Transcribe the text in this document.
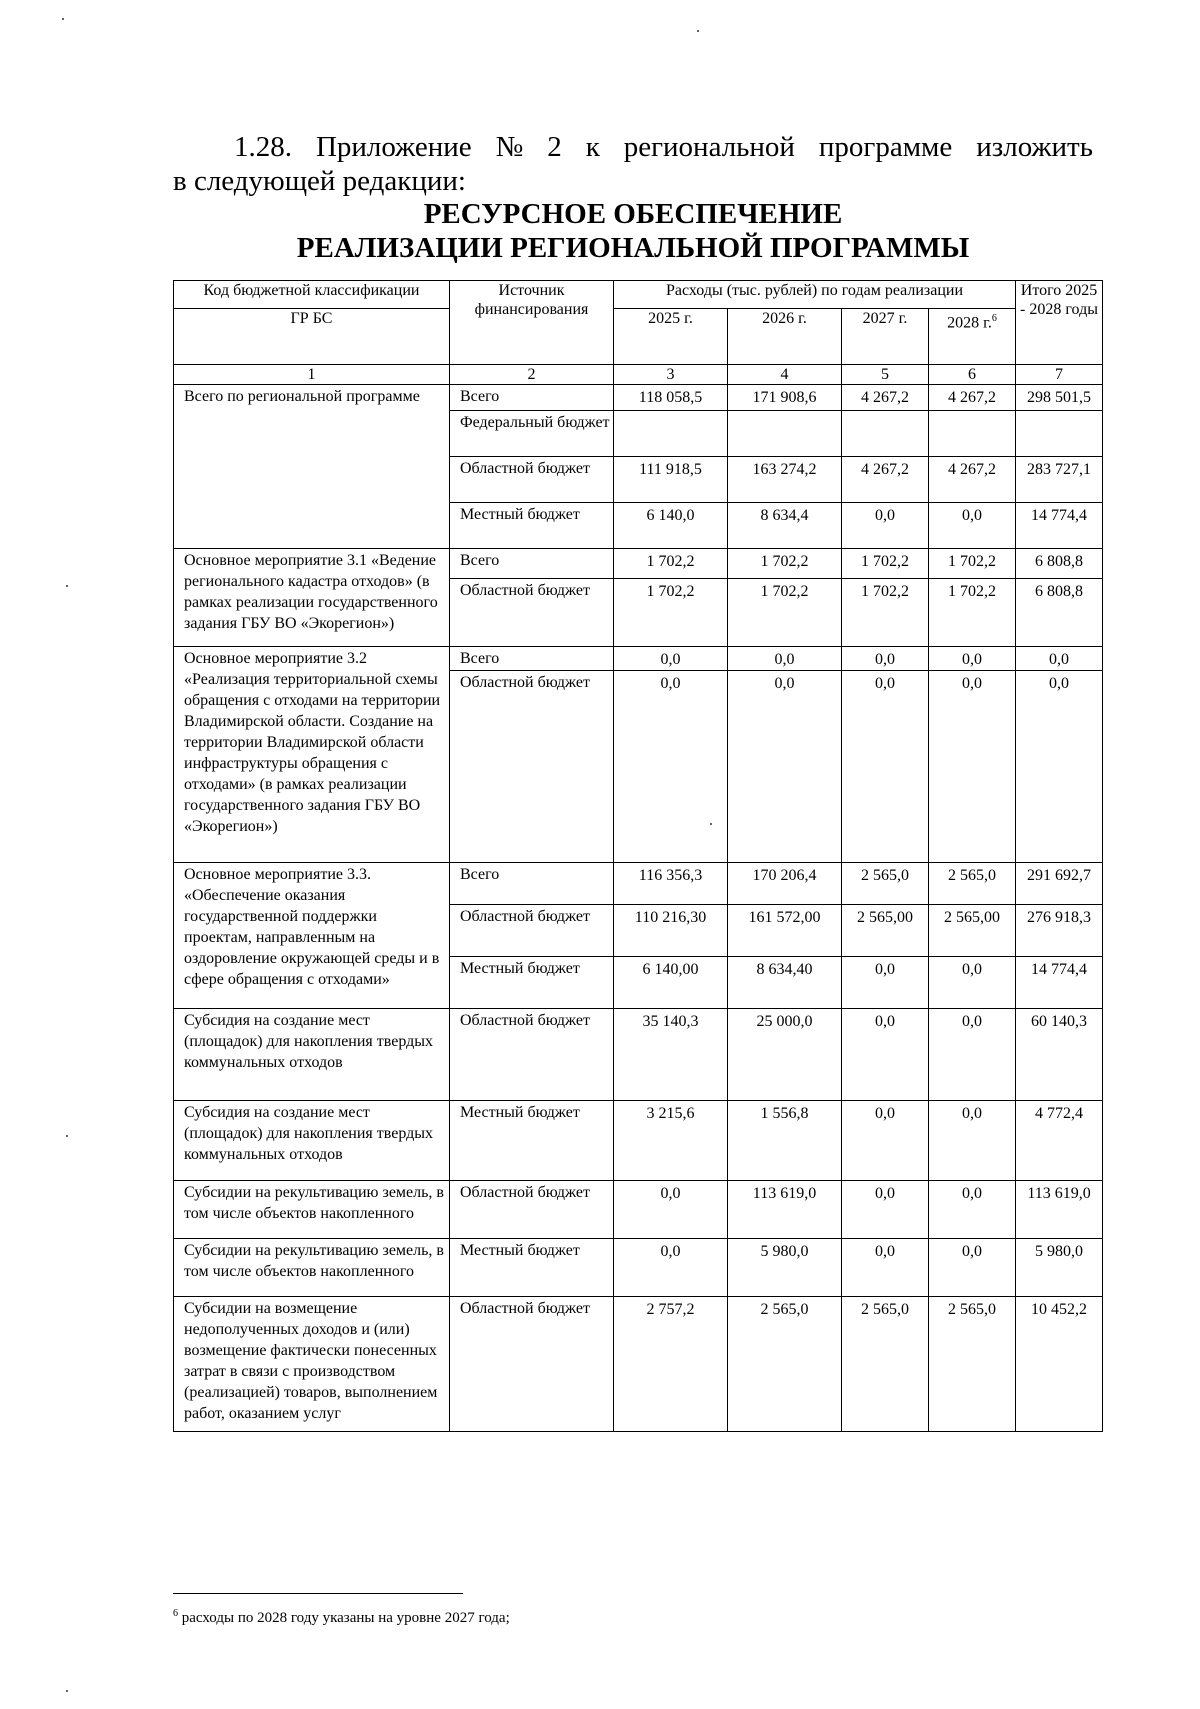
1.28. Приложение № 2 к региональной программе изложить
в следующей редакции:
РЕСУРСНОЕ ОБЕСПЕЧЕНИЕ
РЕАЛИЗАЦИИ РЕГИОНАЛЬНОЙ ПРОГРАММЫ
Код бюджетной классификации	Источник финансирования	Расходы (тыс. рублей) по годам реализации				Итого 2025 - 2028 годы
ГР БС		2025 г.	2026 г.	2027 г.	2028 г.$^6$
1	2	3	4	5	6	7
Всего по региональной программе	Всего	118 058,5	171 908,6	4 267,2	4 267,2	298 501,5
	Федеральный бюджет					
	Областной бюджет	111 918,5	163 274,2	4 267,2	4 267,2	283 727,1
	Местный бюджет	6 140,0	8 634,4	0,0	0,0	14 774,4
Основное мероприятие 3.1 «Ведение регионального кадастра отходов» (в рамках реализации государственного задания ГБУ ВО «Экорегион»)	Всего	1 702,2	1 702,2	1 702,2	1 702,2	6 808,8
	Областной бюджет	1 702,2	1 702,2	1 702,2	1 702,2	6 808,8
Основное мероприятие 3.2 «Реализация территориальной схемы обращения с отходами на территории Владимирской области. Создание на территории Владимирской области инфраструктуры обращения с отходами» (в рамках реализации государственного задания ГБУ ВО «Экорегион»)	Всего	0,0	0,0	0,0	0,0	0,0
	Областной бюджет	0,0	0,0	0,0	0,0	0,0
Основное мероприятие 3.3. «Обеспечение оказания государственной поддержки проектам, направленным на оздоровление окружающей среды и в сфере обращения с отходами»	Всего	116 356,3	170 206,4	2 565,0	2 565,0	291 692,7
	Областной бюджет	110 216,30	161 572,00	2 565,00	2 565,00	276 918,3
	Местный бюджет	6 140,00	8 634,40	0,0	0,0	14 774,4
Субсидия на создание мест (площадок) для накопления твердых коммунальных отходов	Областной бюджет	35 140,3	25 000,0	0,0	0,0	60 140,3
Субсидия на создание мест (площадок) для накопления твердых коммунальных отходов	Местный бюджет	3 215,6	1 556,8	0,0	0,0	4 772,4
Субсидии на рекультивацию земель, в том числе объектов накопленного	Областной бюджет	0,0	113 619,0	0,0	0,0	113 619,0
Субсидии на рекультивацию земель, в том числе объектов накопленного	Местный бюджет	0,0	5 980,0	0,0	0,0	5 980,0
Субсидии на возмещение недополученных доходов и (или) возмещение фактически понесенных затрат в связи с производством (реализацией) товаров, выполнением работ, оказанием услуг	Областной бюджет	2 757,2	2 565,0	2 565,0	2 565,0	10 452,2
$^6$ расходы по 2028 году указаны на уровне 2027 года;
